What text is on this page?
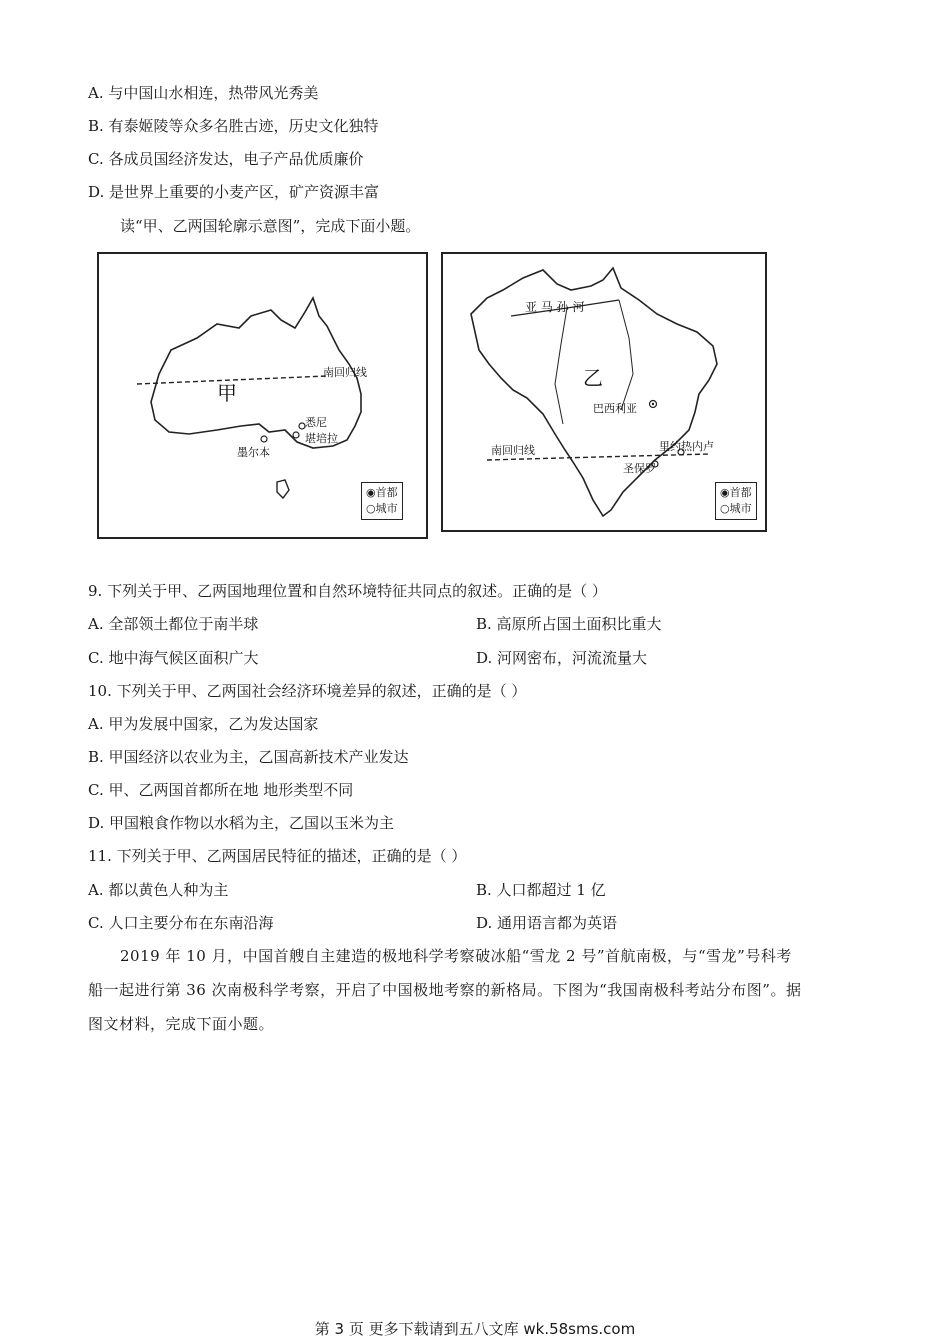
A. 与中国山水相连，热带风光秀美
B. 有泰姬陵等众多名胜古迹，历史文化独特
C. 各成员国经济发达，电子产品优质廉价
D. 是世界上重要的小麦产区，矿产资源丰富
读“甲、乙两国轮廓示意图”，完成下面小题。
甲
南回归线
悉尼
堪培拉
墨尔本
◉首都
○城市
亚 马 孙 河
乙
巴西利亚
里约热内卢
圣保罗
南回归线
◉首都
○城市
9. 下列关于甲、乙两国地理位置和自然环境特征共同点的叙述。正确的是（ ）
A. 全部领土都位于南半球	B. 高原所占国土面积比重大
C. 地中海气候区面积广大	D. 河网密布，河流流量大
10. 下列关于甲、乙两国社会经济环境差异的叙述，正确的是（ ）
A. 甲为发展中国家，乙为发达国家
B. 甲国经济以农业为主，乙国高新技术产业发达
C. 甲、乙两国首都所在地 地形类型不同
D. 甲国粮食作物以水稻为主，乙国以玉米为主
11. 下列关于甲、乙两国居民特征的描述，正确的是（ ）
A. 都以黄色人种为主	B. 人口都超过 1 亿
C. 人口主要分布在东南沿海	D. 通用语言都为英语
2019 年 10 月，中国首艘自主建造的极地科学考察破冰船“雪龙 2 号”首航南极，与“雪龙”号科考
船一起进行第 36 次南极科学考察，开启了中国极地考察的新格局。下图为“我国南极科考站分布图”。据
图文材料，完成下面小题。
第 3 页 更多下载请到五八文库 wk.58sms.com
